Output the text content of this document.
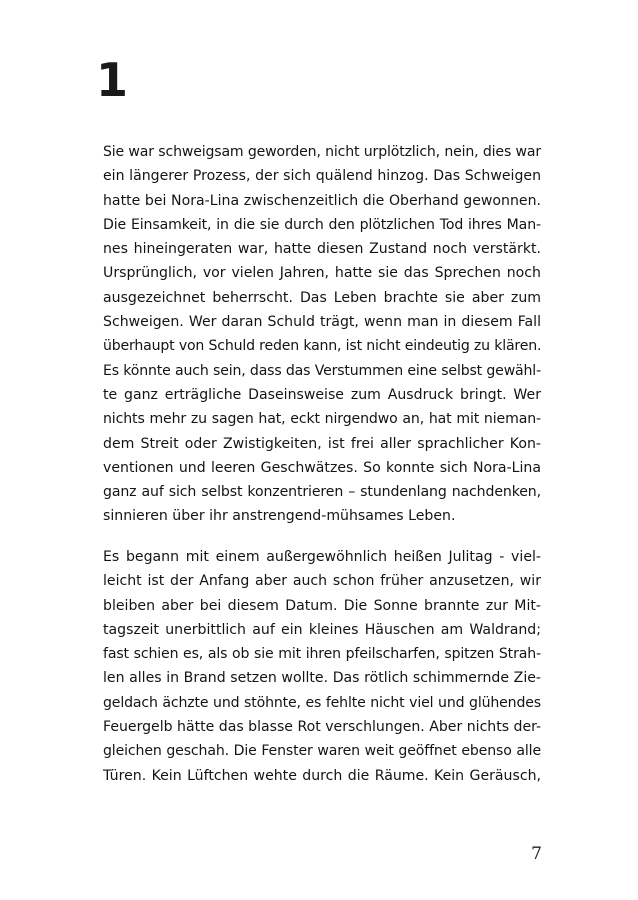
1

Sie war schweigsam geworden, nicht urplötzlich, nein, dies war
ein längerer Prozess, der sich quälend hinzog. Das Schweigen
hatte bei Nora-Lina zwischenzeitlich die Oberhand gewonnen.
Die Einsamkeit, in die sie durch den plötzlichen Tod ihres Man-
nes hineingeraten war, hatte diesen Zustand noch verstärkt.
Ursprünglich, vor vielen Jahren, hatte sie das Sprechen noch
ausgezeichnet beherrscht. Das Leben brachte sie aber zum
Schweigen. Wer daran Schuld trägt, wenn man in diesem Fall
überhaupt von Schuld reden kann, ist nicht eindeutig zu klären.
Es könnte auch sein, dass das Verstummen eine selbst gewähl-
te ganz erträgliche Daseinsweise zum Ausdruck bringt. Wer
nichts mehr zu sagen hat, eckt nirgendwo an, hat mit nieman-
dem Streit oder Zwistigkeiten, ist frei aller sprachlicher Kon-
ventionen und leeren Geschwätzes. So konnte sich Nora-Lina
ganz auf sich selbst konzentrieren – stundenlang nachdenken,
sinnieren über ihr anstrengend-mühsames Leben.

Es begann mit einem außergewöhnlich heißen Julitag - viel-
leicht ist der Anfang aber auch schon früher anzusetzen, wir
bleiben aber bei diesem Datum. Die Sonne brannte zur Mit-
tagszeit unerbittlich auf ein kleines Häuschen am Waldrand;
fast schien es, als ob sie mit ihren pfeilscharfen, spitzen Strah-
len alles in Brand setzen wollte. Das rötlich schimmernde Zie-
geldach ächzte und stöhnte, es fehlte nicht viel und glühendes
Feuergelb hätte das blasse Rot verschlungen. Aber nichts der-
gleichen geschah. Die Fenster waren weit geöffnet ebenso alle
Türen. Kein Lüftchen wehte durch die Räume. Kein Geräusch,

7
